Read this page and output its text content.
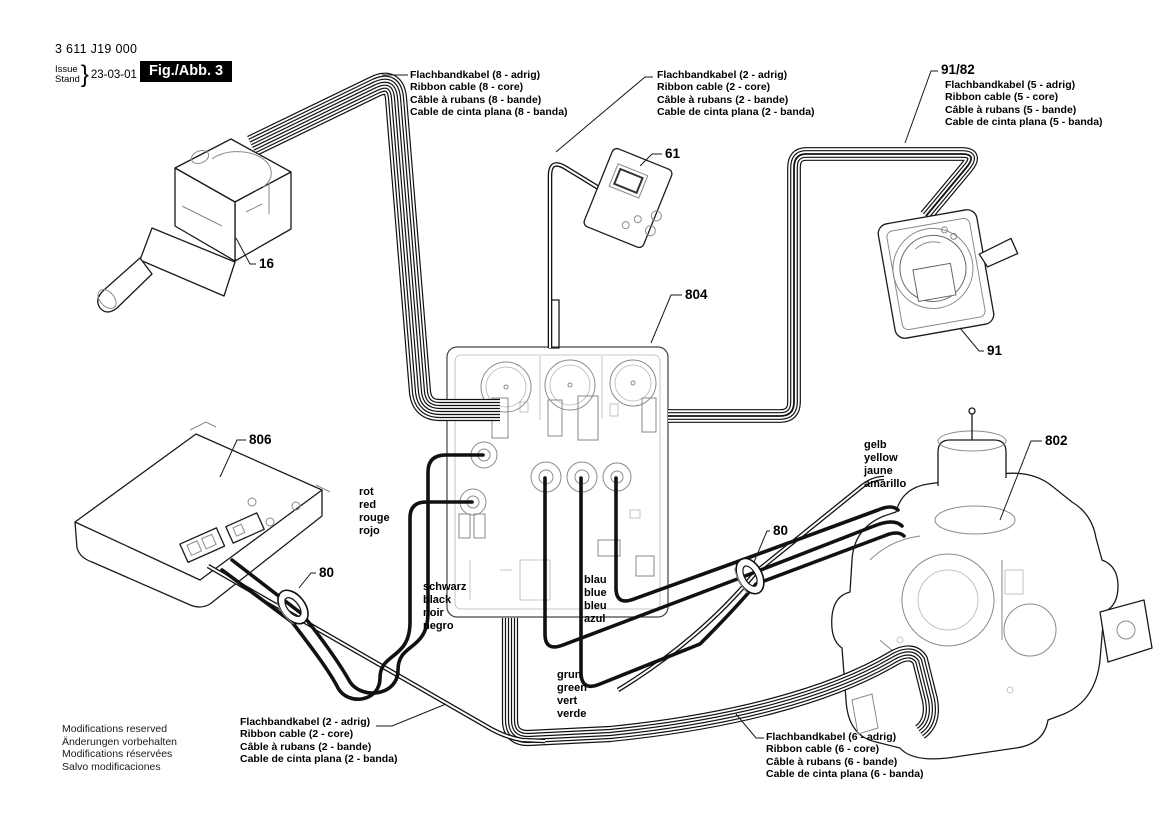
3 611 J19 000
Issue
Stand } 23-03-01 Fig./Abb. 3	Flachbandkabel (8 - adrig)
Ribbon cable (8 - core)
Câble à rubans (8 - bande)
Cable de cinta plana (8 - banda)
Flachbandkabel (2 - adrig)
Ribbon cable (2 - core)
Câble à rubans (2 - bande)
Cable de cinta plana (2 - banda)
91/82
Flachbandkabel (5 - adrig)
Ribbon cable (5 - core)
Câble à rubans (5 - bande)
Cable de cinta plana (5 - banda)
Flachbandkabel (2 - adrig)
Ribbon cable (2 - core)
Câble à rubans (2 - bande)
Cable de cinta plana (2 - banda)
Flachbandkabel (6 - adrig)
Ribbon cable (6 - core)
Câble à rubans (6 - bande)
Cable de cinta plana (6 - banda)
16
61
804
806
80
80
91
802
rot
red
rouge
rojo
schwarz
black
noir
negro
blau
blue
bleu
azul
grun
green
vert
verde
gelb
yellow
jaune
amarillo
Modifications reserved
Änderungen vorbehalten
Modifications réservées
Salvo modificaciones
